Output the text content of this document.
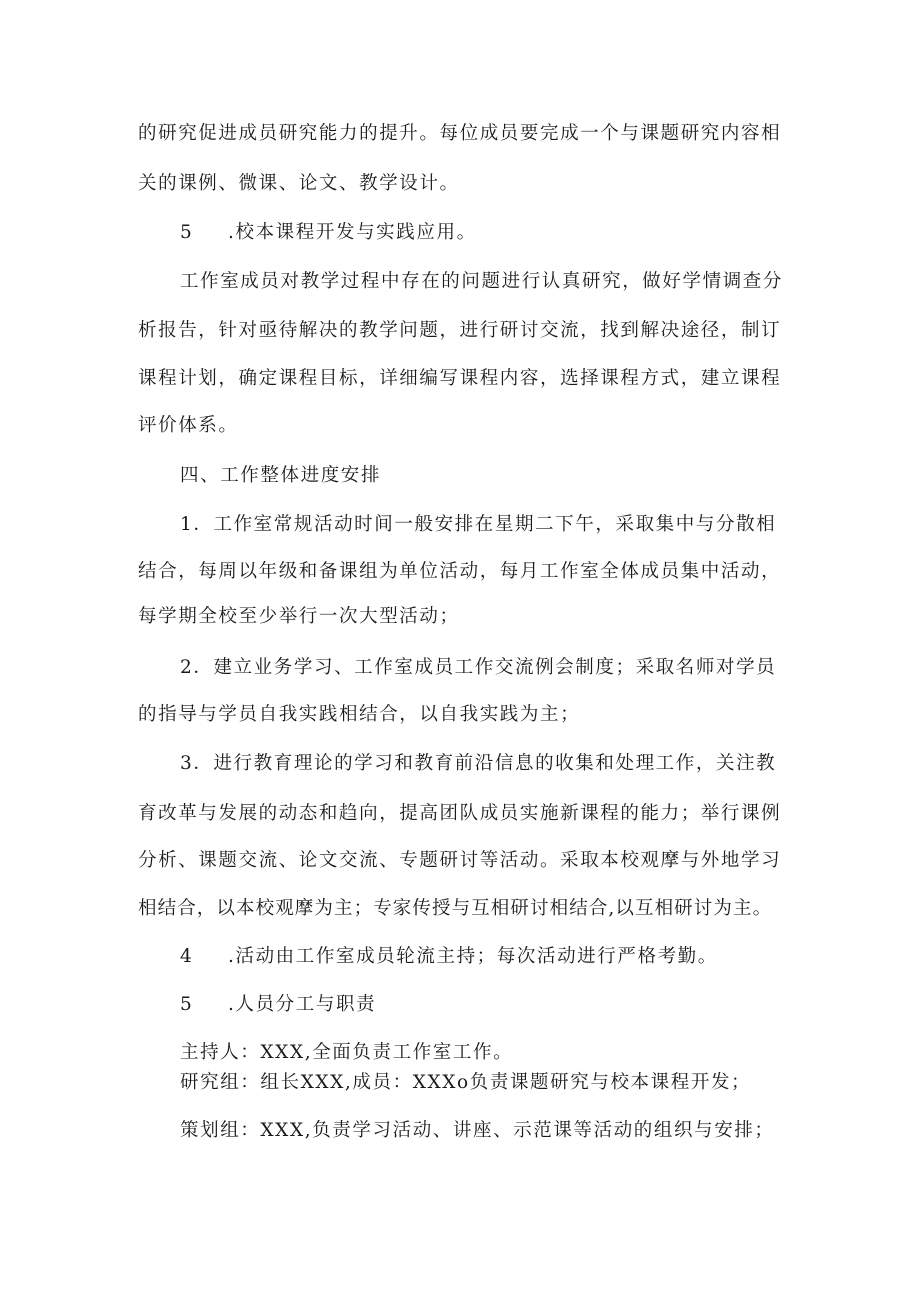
的研究促进成员研究能力的提升。每位成员要完成一个与课题研究内容相
关的课例、微课、论文、教学设计。
5 .校本课程开发与实践应用。
工作室成员对教学过程中存在的问题进行认真研究，做好学情调查分
析报告，针对亟待解决的教学问题，进行研讨交流，找到解决途径，制订
课程计划，确定课程目标，详细编写课程内容，选择课程方式，建立课程
评价体系。
四、工作整体进度安排
1．工作室常规活动时间一般安排在星期二下午，采取集中与分散相
结合，每周以年级和备课组为单位活动，每月工作室全体成员集中活动，
每学期全校至少举行一次大型活动；
2．建立业务学习、工作室成员工作交流例会制度；采取名师对学员
的指导与学员自我实践相结合，以自我实践为主；
3．进行教育理论的学习和教育前沿信息的收集和处理工作，关注教
育改革与发展的动态和趋向，提高团队成员实施新课程的能力；举行课例
分析、课题交流、论文交流、专题研讨等活动。采取本校观摩与外地学习
相结合，以本校观摩为主；专家传授与互相研讨相结合,以互相研讨为主。
4 .活动由工作室成员轮流主持；每次活动进行严格考勤。
5 .人员分工与职责
主持人：XXX,全面负责工作室工作。
研究组：组长XXX,成员：XXXo负责课题研究与校本课程开发；
策划组：XXX,负责学习活动、讲座、示范课等活动的组织与安排；
